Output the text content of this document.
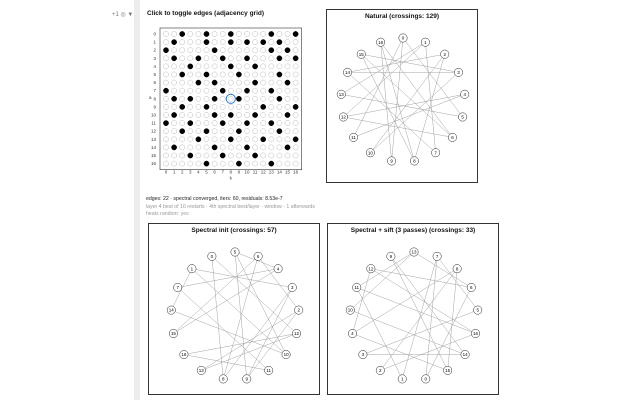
+1 ◎ ▼ Click to toggle edges (adjacency grid)
0
1
2
3
4
5
6
7
8
9
10
11
12
13
14
15
16
0 1 2 3 4 5 6 7 8 9 10 11 12 13 14 15 16
k
a
edges: 22 · spectral converged, iters: 60, residuals: 8.53e-7
layer 4 best of 10 restarts · 4th spectral best/layer · window · 1 afterwards
heats random: yes
Natural (crossings: 129)
0
1
2
3
4
5
6
7
8
9
10
11
12
13
14
15
16
Spectral init (crossings: 57)
5
6
4
3
2
12
10
11
9
8
13
16
15
14
7
1
0
Spectral + sift (3 passes) (crossings: 33)
13
7
8
6
5
16
14
15
0
1
2
3
4
10
11
12
9
